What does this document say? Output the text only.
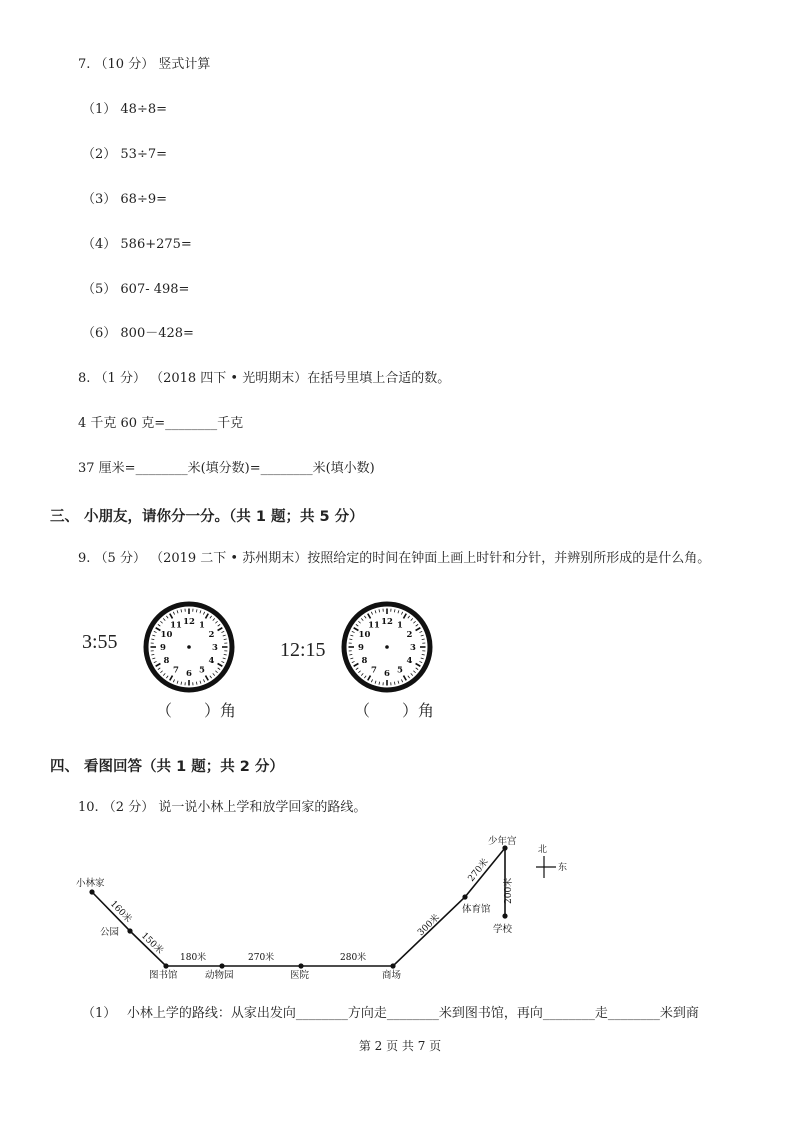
7. （10 分） 竖式计算
（1） 48÷8=
（2） 53÷7=
（3） 68÷9=
（4） 586+275=
（5） 607- 498=
（6） 800－428=
8. （1 分） （2018 四下 • 光明期末）在括号里填上合适的数。
4 千克 60 克=________千克
37 厘米=________米(填分数)=________米(填小数)
三、 小朋友，请你分一分。（共 1 题；共 5 分）
9. （5 分） （2019 二下 • 苏州期末）按照给定的时间在钟面上画上时针和分针，并辨别所形成的是什么角。
3:55
12 1
2
3
4
5
6
7
8
9
10
11
（　　）角
12:15
12 1
2
3
4
5
6
7
8
9
10
11
（　　）角
四、 看图回答（共 1 题；共 2 分）
10. （2 分） 说一说小林上学和放学回家的路线。
小林家
公园
图书馆	动物园	医院	商场
体育馆
少年宫
学校
160米
150米
180米	270米	280米
300米
270米
200米
北
东
（1）　 小林上学的路线：从家出发向________方向走________米到图书馆，再向________走________米到商
第 2 页 共 7 页
